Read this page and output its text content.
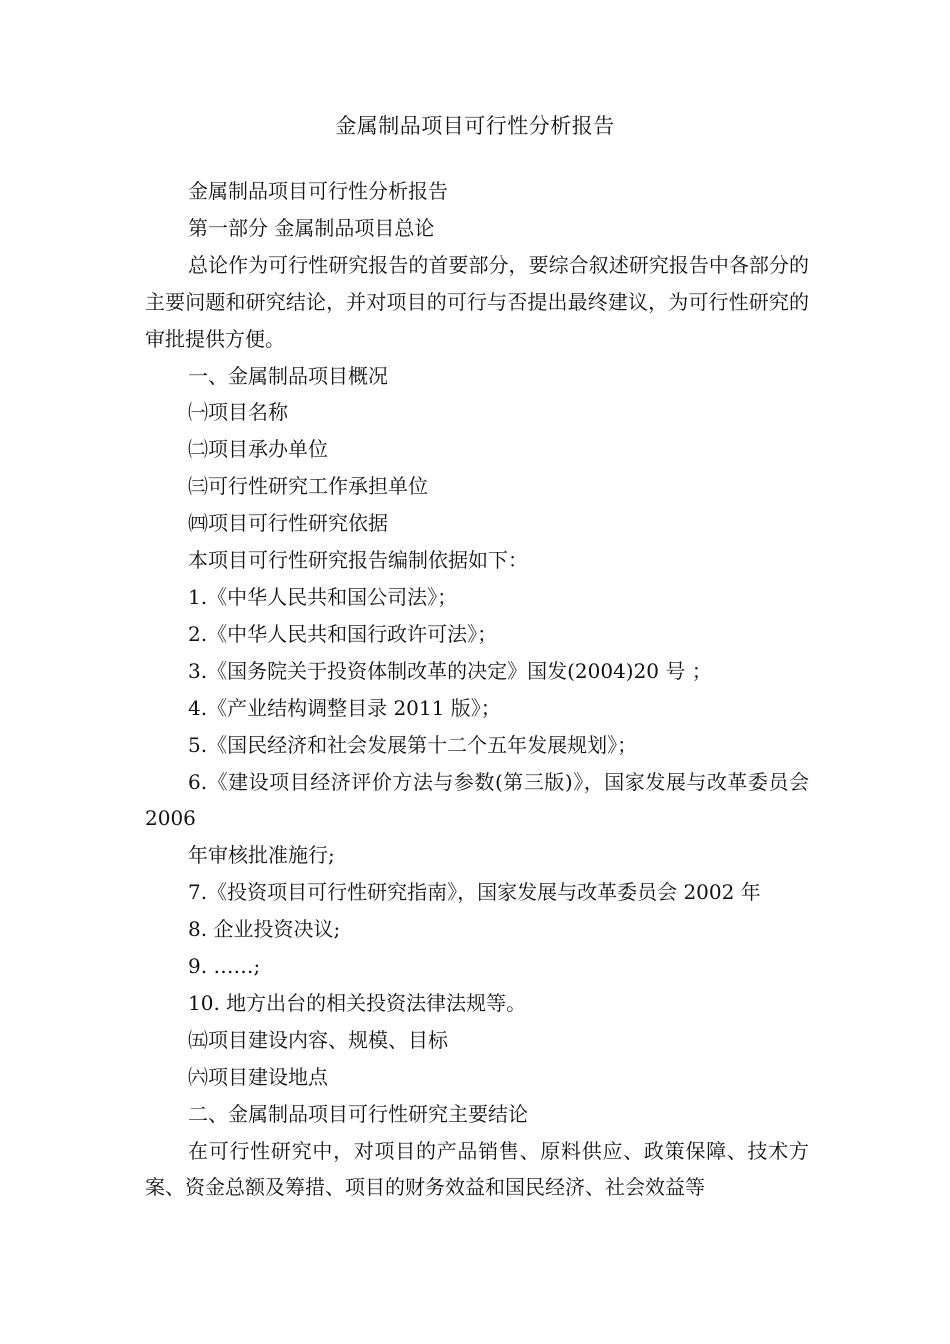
金属制品项目可行性分析报告

金属制品项目可行性分析报告

第一部分 金属制品项目总论

总论作为可行性研究报告的首要部分，要综合叙述研究报告中各部分的主要问题和研究结论，并对项目的可行与否提出最终建议，为可行性研究的审批提供方便。

一、金属制品项目概况

㈠项目名称

㈡项目承办单位

㈢可行性研究工作承担单位

㈣项目可行性研究依据

本项目可行性研究报告编制依据如下：

1.《中华人民共和国公司法》；

2.《中华人民共和国行政许可法》；

3.《国务院关于投资体制改革的决定》国发(2004)20 号 ；

4.《产业结构调整目录 2011 版》；

5.《国民经济和社会发展第十二个五年发展规划》；

6.《建设项目经济评价方法与参数(第三版)》，国家发展与改革委员会 2006

年审核批准施行;

7.《投资项目可行性研究指南》，国家发展与改革委员会 2002 年

8. 企业投资决议;

9. ……;

10. 地方出台的相关投资法律法规等。

㈤项目建设内容、规模、目标

㈥项目建设地点

二、金属制品项目可行性研究主要结论

在可行性研究中，对项目的产品销售、原料供应、政策保障、技术方案、资金总额及筹措、项目的财务效益和国民经济、社会效益等
